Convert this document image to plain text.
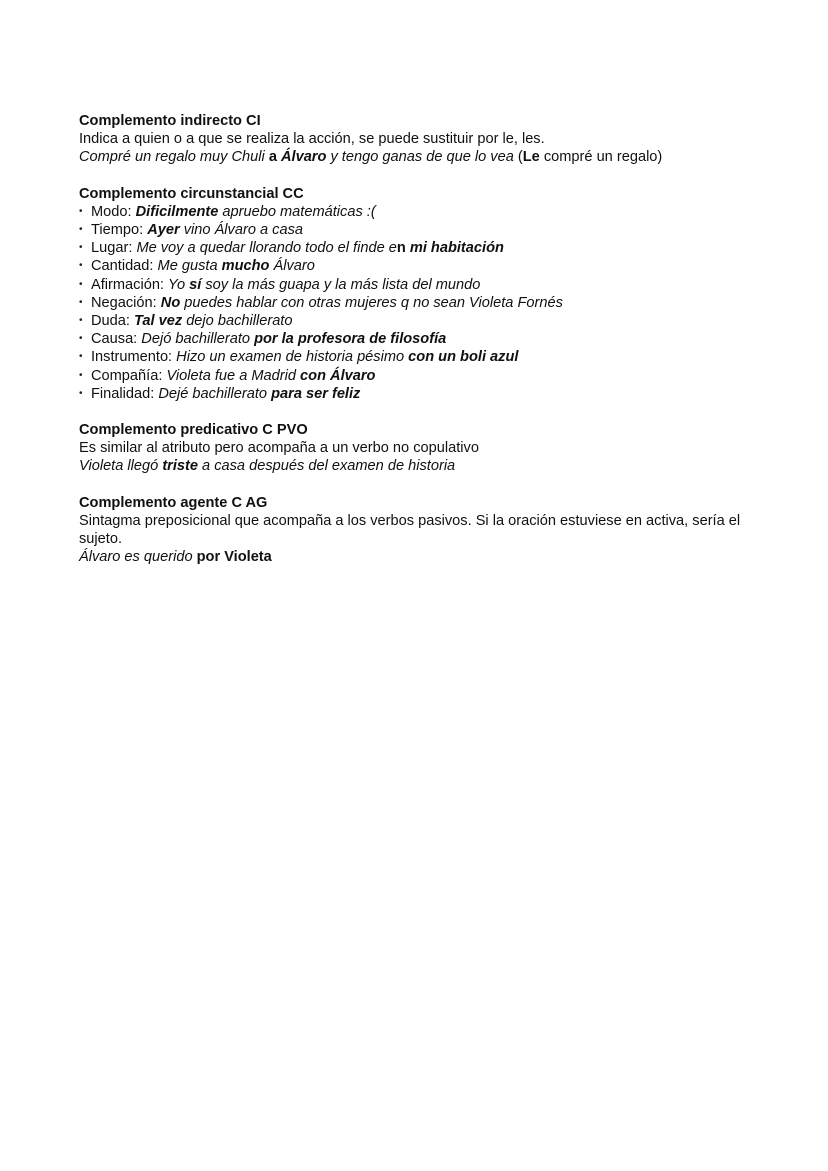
Complemento indirecto CI
Indica a quien o a que se realiza la acción, se puede sustituir por le, les.
Compré un regalo muy Chuli a Álvaro y tengo ganas de que lo vea (Le compré un regalo)
Complemento circunstancial CC
• Modo: Dificilmente apruebo matemáticas :(
• Tiempo: Ayer vino Álvaro a casa
• Lugar: Me voy a quedar llorando todo el finde en mi habitación
• Cantidad: Me gusta mucho Álvaro
• Afirmación: Yo sí soy la más guapa y la más lista del mundo
• Negación: No puedes hablar con otras mujeres q no sean Violeta Fornés
• Duda: Tal vez dejo bachillerato
• Causa: Dejó bachillerato por la profesora de filosofía
• Instrumento: Hizo un examen de historia pésimo con un boli azul
• Compañía: Violeta fue a Madrid con Álvaro
• Finalidad: Dejé bachillerato para ser feliz
Complemento predicativo C PVO
Es similar al atributo pero acompaña a un verbo no copulativo
Violeta llegó triste a casa después del examen de historia
Complemento agente C AG
Sintagma preposicional que acompaña a los verbos pasivos. Si la oración estuviese en activa, sería el sujeto.
Álvaro es querido por Violeta
